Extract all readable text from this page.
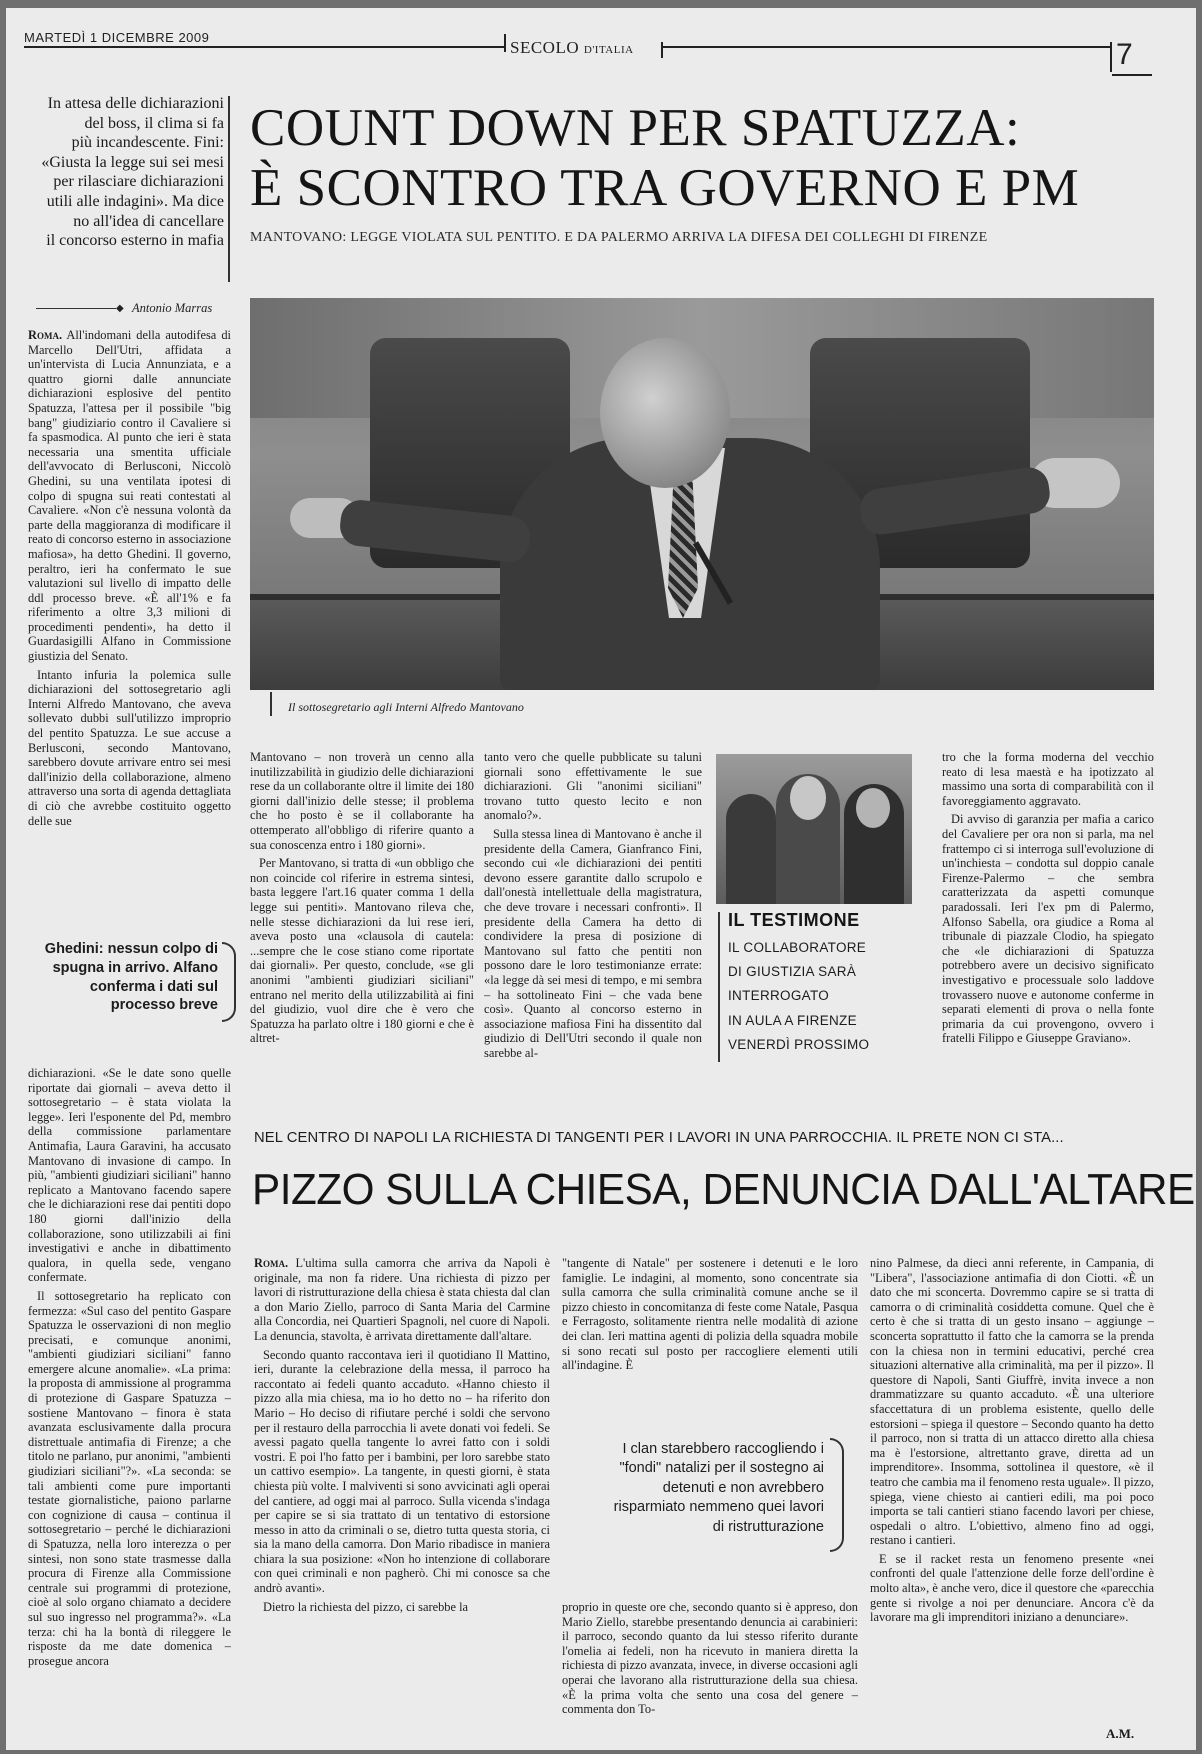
MARTEDÌ 1 DICEMBRE 2009
SECOLO D'ITALIA	7
In attesa delle dichiarazioni
del boss, il clima si fa
più incandescente. Fini:
«Giusta la legge sui sei mesi
per rilasciare dichiarazioni
utili alle indagini». Ma dice
no all'idea di cancellare
il concorso esterno in mafia
COUNT DOWN PER SPATUZZA:
È SCONTRO TRA GOVERNO E PM
MANTOVANO: LEGGE VIOLATA SUL PENTITO. E DA PALERMO ARRIVA LA DIFESA DEI COLLEGHI DI FIRENZE
◆ Antonio Marras
Il sottosegretario agli Interni Alfredo Mantovano

Roma. All'indomani della autodifesa di Marcello Dell'Utri, affidata a un'intervista di Lucia Annunziata, e a quattro giorni dalle annunciate dichiarazioni esplosive del pentito Spatuzza, l'attesa per il possibile "big bang" giudiziario contro il Cavaliere si fa spasmodica. Al punto che ieri è stata necessaria una smentita ufficiale dell'avvocato di Berlusconi, Niccolò Ghedini, su una ventilata ipotesi di colpo di spugna sui reati contestati al Cavaliere. «Non c'è nessuna volontà da parte della maggioranza di modificare il reato di concorso esterno in associazione mafiosa», ha detto Ghedini. Il governo, peraltro, ieri ha confermato le sue valutazioni sul livello di impatto delle ddl processo breve. «È all'1% e fa riferimento a oltre 3,3 milioni di procedimenti pendenti», ha detto il Guardasigilli Alfano in Commissione giustizia del Senato.

Intanto infuria la polemica sulle dichiarazioni del sottosegretario agli Interni Alfredo Mantovano, che aveva sollevato dubbi sull'utilizzo improprio del pentito Spatuzza. Le sue accuse a Berlusconi, secondo Mantovano, sarebbero dovute arrivare entro sei mesi dall'inizio della collaborazione, almeno attraverso una sorta di agenda dettagliata di ciò che avrebbe costituito oggetto delle sue

Ghedini: nessun colpo di spugna in arrivo. Alfano conferma i dati sul processo breve

dichiarazioni. «Se le date sono quelle riportate dai giornali – aveva detto il sottosegretario – è stata violata la legge». Ieri l'esponente del Pd, membro della commissione parlamentare Antimafia, Laura Garavini, ha accusato Mantovano di invasione di campo. In più, "ambienti giudiziari siciliani" hanno replicato a Mantovano facendo sapere che le dichiarazioni rese dai pentiti dopo 180 giorni dall'inizio della collaborazione, sono utilizzabili ai fini investigativi e anche in dibattimento qualora, in quella sede, vengano confermate.

Il sottosegretario ha replicato con fermezza: «Sul caso del pentito Gaspare Spatuzza le osservazioni di non meglio precisati, e comunque anonimi, "ambienti giudiziari siciliani" fanno emergere alcune anomalie». «La prima: la proposta di ammissione al programma di protezione di Gaspare Spatuzza – sostiene Mantovano – finora è stata avanzata esclusivamente dalla procura distrettuale antimafia di Firenze; a che titolo ne parlano, pur anonimi, "ambienti giudiziari siciliani"?». «La seconda: se tali ambienti come pure importanti testate giornalistiche, paiono parlarne con cognizione di causa – continua il sottosegretario – perché le dichiarazioni di Spatuzza, nella loro interezza o per sintesi, non sono state trasmesse dalla procura di Firenze alla Commissione centrale sui programmi di protezione, cioè al solo organo chiamato a decidere sul suo ingresso nel programma?». «La terza: chi ha la bontà di rileggere le risposte da me date domenica – prosegue ancora

Mantovano – non troverà un cenno alla inutilizzabilità in giudizio delle dichiarazioni rese da un collaborante oltre il limite dei 180 giorni dall'inizio delle stesse; il problema che ho posto è se il collaborante ha ottemperato all'obbligo di riferire quanto a sua conoscenza entro i 180 giorni».

Per Mantovano, si tratta di «un obbligo che non coincide col riferire in estrema sintesi, basta leggere l'art.16 quater comma 1 della legge sui pentiti». Mantovano rileva che, nelle stesse dichiarazioni da lui rese ieri, aveva posto una «clausola di cautela: ...sempre che le cose stiano come riportate dai giornali». Per questo, conclude, «se gli anonimi "ambienti giudiziari siciliani" entrano nel merito della utilizzabilità ai fini del giudizio, vuol dire che è vero che Spatuzza ha parlato oltre i 180 giorni e che è altret-

tanto vero che quelle pubblicate su taluni giornali sono effettivamente le sue dichiarazioni. Gli "anonimi siciliani" trovano tutto questo lecito e non anomalo?».

Sulla stessa linea di Mantovano è anche il presidente della Camera, Gianfranco Fini, secondo cui «le dichiarazioni dei pentiti devono essere garantite dallo scrupolo e dall'onestà intellettuale della magistratura, che deve trovare i necessari confronti». Il presidente della Camera ha detto di condividere la presa di posizione di Mantovano sul fatto che pentiti non possono dare le loro testimonianze errate: «la legge dà sei mesi di tempo, e mi sembra – ha sottolineato Fini – che vada bene così». Quanto al concorso esterno in associazione mafiosa Fini ha dissentito dal giudizio di Dell'Utri secondo il quale non sarebbe al-

IL TESTIMONE
IL COLLABORATORE
DI GIUSTIZIA SARÀ
INTERROGATO
IN AULA A FIRENZE
VENERDÌ PROSSIMO

tro che la forma moderna del vecchio reato di lesa maestà e ha ipotizzato al massimo una sorta di comparabilità con il favoreggiamento aggravato.

Di avviso di garanzia per mafia a carico del Cavaliere per ora non si parla, ma nel frattempo ci si interroga sull'evoluzione di un'inchiesta – condotta sul doppio canale Firenze-Palermo – che sembra caratterizzata da aspetti comunque paradossali. Ieri l'ex pm di Palermo, Alfonso Sabella, ora giudice a Roma al tribunale di piazzale Clodio, ha spiegato che «le dichiarazioni di Spatuzza potrebbero avere un decisivo significato investigativo e processuale solo laddove trovassero nuove e autonome conferme in separati elementi di prova o nella fonte primaria da cui provengono, ovvero i fratelli Filippo e Giuseppe Graviano».

NEL CENTRO DI NAPOLI LA RICHIESTA DI TANGENTI PER I LAVORI IN UNA PARROCCHIA. IL PRETE NON CI STA...
PIZZO SULLA CHIESA, DENUNCIA DALL'ALTARE

Roma. L'ultima sulla camorra che arriva da Napoli è originale, ma non fa ridere. Una richiesta di pizzo per lavori di ristrutturazione della chiesa è stata chiesta dal clan a don Mario Ziello, parroco di Santa Maria del Carmine alla Concordia, nei Quartieri Spagnoli, nel cuore di Napoli. La denuncia, stavolta, è arrivata direttamente dall'altare.

Secondo quanto raccontava ieri il quotidiano Il Mattino, ieri, durante la celebrazione della messa, il parroco ha raccontato ai fedeli quanto accaduto. «Hanno chiesto il pizzo alla mia chiesa, ma io ho detto no – ha riferito don Mario – Ho deciso di rifiutare perché i soldi che servono per il restauro della parrocchia li avete donati voi fedeli. Se avessi pagato quella tangente lo avrei fatto con i soldi vostri. E poi l'ho fatto per i bambini, per loro sarebbe stato un cattivo esempio». La tangente, in questi giorni, è stata chiesta più volte. I malviventi si sono avvicinati agli operai del cantiere, ad oggi mai al parroco. Sulla vicenda s'indaga per capire se si sia trattato di un tentativo di estorsione messo in atto da criminali o se, dietro tutta questa storia, ci sia la mano della camorra. Don Mario ribadisce in maniera chiara la sua posizione: «Non ho intenzione di collaborare con quei criminali e non pagherò. Chi mi conosce sa che andrò avanti».

Dietro la richiesta del pizzo, ci sarebbe la

"tangente di Natale" per sostenere i detenuti e le loro famiglie. Le indagini, al momento, sono concentrate sia sulla camorra che sulla criminalità comune anche se il pizzo chiesto in concomitanza di feste come Natale, Pasqua e Ferragosto, solitamente rientra nelle modalità di azione dei clan. Ieri mattina agenti di polizia della squadra mobile si sono recati sul posto per raccogliere elementi utili all'indagine. È

I clan starebbero raccogliendo i "fondi" natalizi per il sostegno ai detenuti e non avrebbero risparmiato nemmeno quei lavori di ristrutturazione

proprio in queste ore che, secondo quanto si è appreso, don Mario Ziello, starebbe presentando denuncia ai carabinieri: il parroco, secondo quanto da lui stesso riferito durante l'omelia ai fedeli, non ha ricevuto in maniera diretta la richiesta di pizzo avanzata, invece, in diverse occasioni agli operai che lavorano alla ristrutturazione della sua chiesa. «È la prima volta che sento una cosa del genere – commenta don To-

nino Palmese, da dieci anni referente, in Campania, di "Libera", l'associazione antimafia di don Ciotti. «È un dato che mi sconcerta. Dovremmo capire se si tratta di camorra o di criminalità cosiddetta comune. Quel che è certo è che si tratta di un gesto insano – aggiunge – sconcerta soprattutto il fatto che la camorra se la prenda con la chiesa non in termini educativi, perché crea situazioni alternative alla criminalità, ma per il pizzo». Il questore di Napoli, Santi Giuffrè, invita invece a non drammatizzare su quanto accaduto. «È una ulteriore sfaccettatura di un problema esistente, quello delle estorsioni – spiega il questore – Secondo quanto ha detto il parroco, non si tratta di un attacco diretto alla chiesa ma è l'estorsione, altrettanto grave, diretta ad un imprenditore». Insomma, sottolinea il questore, «è il teatro che cambia ma il fenomeno resta uguale». Il pizzo, spiega, viene chiesto ai cantieri edili, ma poi poco importa se tali cantieri stiano facendo lavori per chiese, ospedali o altro. L'obiettivo, almeno fino ad oggi, restano i cantieri.

E se il racket resta un fenomeno presente «nei confronti del quale l'attenzione delle forze dell'ordine è molto alta», è anche vero, dice il questore che «parecchia gente si rivolge a noi per denunciare. Ancora c'è da lavorare ma gli imprenditori iniziano a denunciare».

A.M.
